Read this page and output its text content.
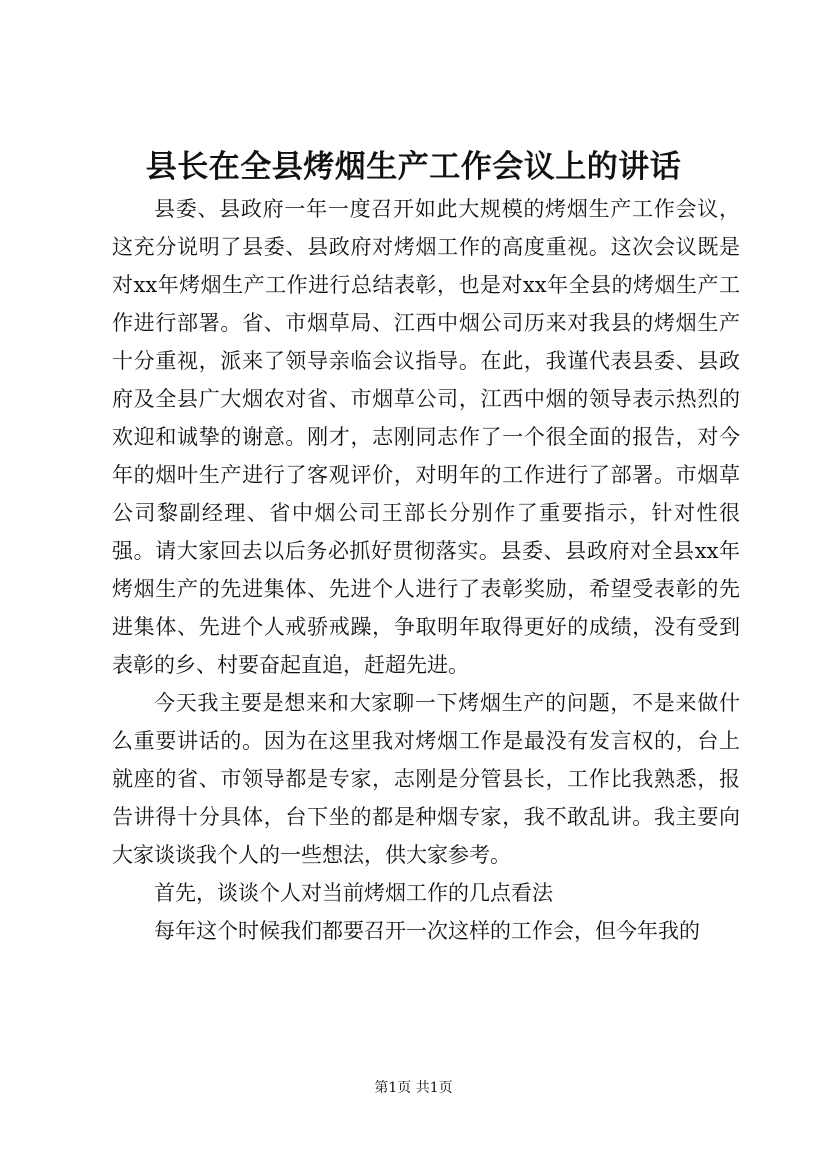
县长在全县烤烟生产工作会议上的讲话

县委、县政府一年一度召开如此大规模的烤烟生产工作会议，这充分说明了县委、县政府对烤烟工作的高度重视。这次会议既是对xx年烤烟生产工作进行总结表彰，也是对xx年全县的烤烟生产工作进行部署。省、市烟草局、江西中烟公司历来对我县的烤烟生产十分重视，派来了领导亲临会议指导。在此，我谨代表县委、县政府及全县广大烟农对省、市烟草公司，江西中烟的领导表示热烈的欢迎和诚挚的谢意。刚才，志刚同志作了一个很全面的报告，对今年的烟叶生产进行了客观评价，对明年的工作进行了部署。市烟草公司黎副经理、省中烟公司王部长分别作了重要指示，针对性很强。请大家回去以后务必抓好贯彻落实。县委、县政府对全县xx年烤烟生产的先进集体、先进个人进行了表彰奖励，希望受表彰的先进集体、先进个人戒骄戒躁，争取明年取得更好的成绩，没有受到表彰的乡、村要奋起直追，赶超先进。

今天我主要是想来和大家聊一下烤烟生产的问题，不是来做什么重要讲话的。因为在这里我对烤烟工作是最没有发言权的，台上就座的省、市领导都是专家，志刚是分管县长，工作比我熟悉，报告讲得十分具体，台下坐的都是种烟专家，我不敢乱讲。我主要向大家谈谈我个人的一些想法，供大家参考。

首先，谈谈个人对当前烤烟工作的几点看法

每年这个时候我们都要召开一次这样的工作会，但今年我的

第1页 共1页
